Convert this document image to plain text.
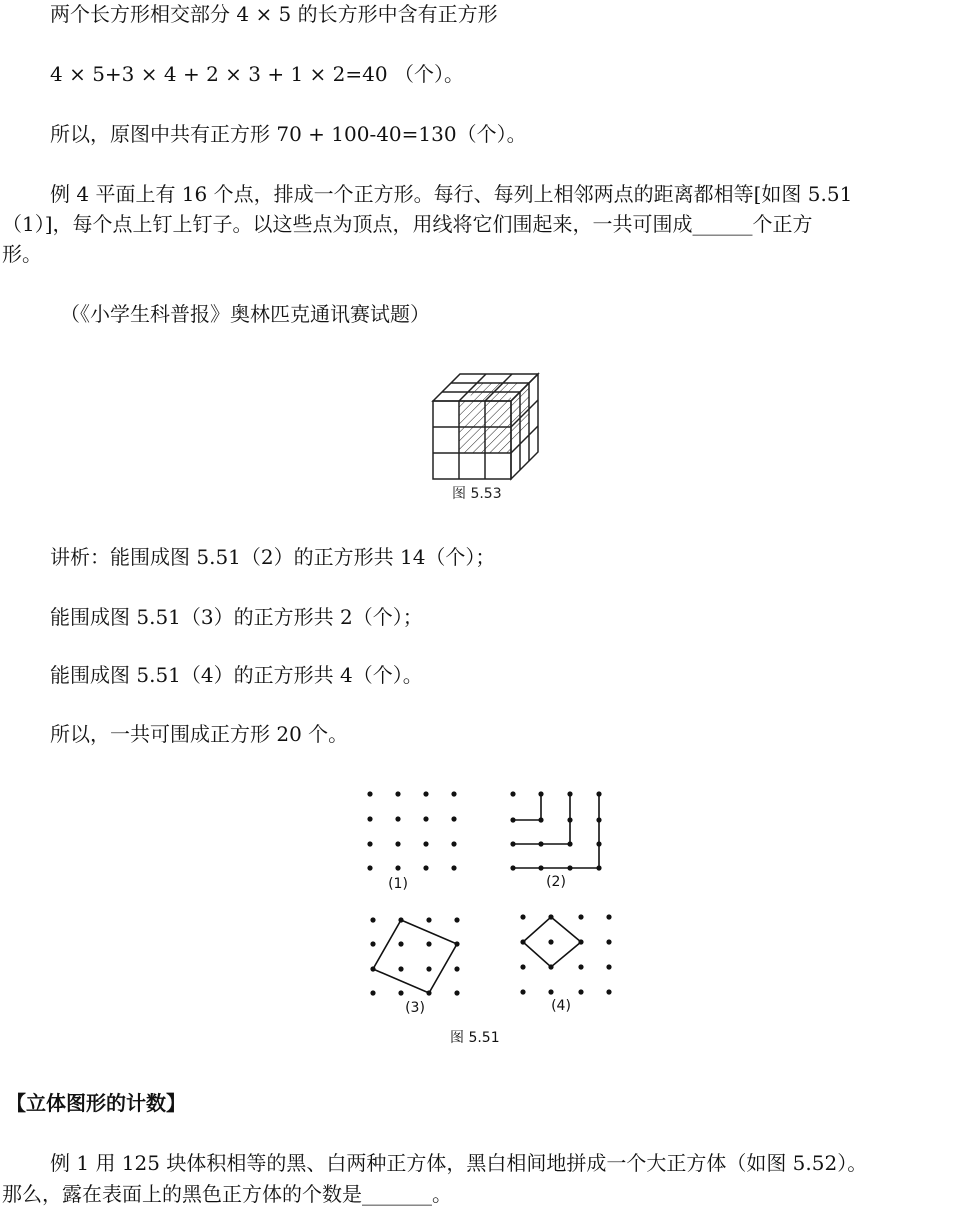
两个长方形相交部分 4 × 5 的长方形中含有正方形
4 × 5+3 × 4 + 2 × 3 + 1 × 2=40 （个）。
所以，原图中共有正方形 70 + 100-40=130（个）。
例 4 平面上有 16 个点，排成一个正方形。每行、每列上相邻两点的距离都相等[如图 5.51
（1）]，每个点上钉上钉子。以这些点为顶点，用线将它们围起来，一共可围成______个正方
形。
（《小学生科普报》奥林匹克通讯赛试题）
图 5.53
讲析：能围成图 5.51（2）的正方形共 14（个）；
能围成图 5.51（3）的正方形共 2（个）；
能围成图 5.51（4）的正方形共 4（个）。
所以，一共可围成正方形 20 个。
(1)	(2)
(3)	(4)
图 5.51
【立体图形的计数】
例 1 用 125 块体积相等的黑、白两种正方体，黑白相间地拼成一个大正方体（如图 5.52）。
那么，露在表面上的黑色正方体的个数是_______。
